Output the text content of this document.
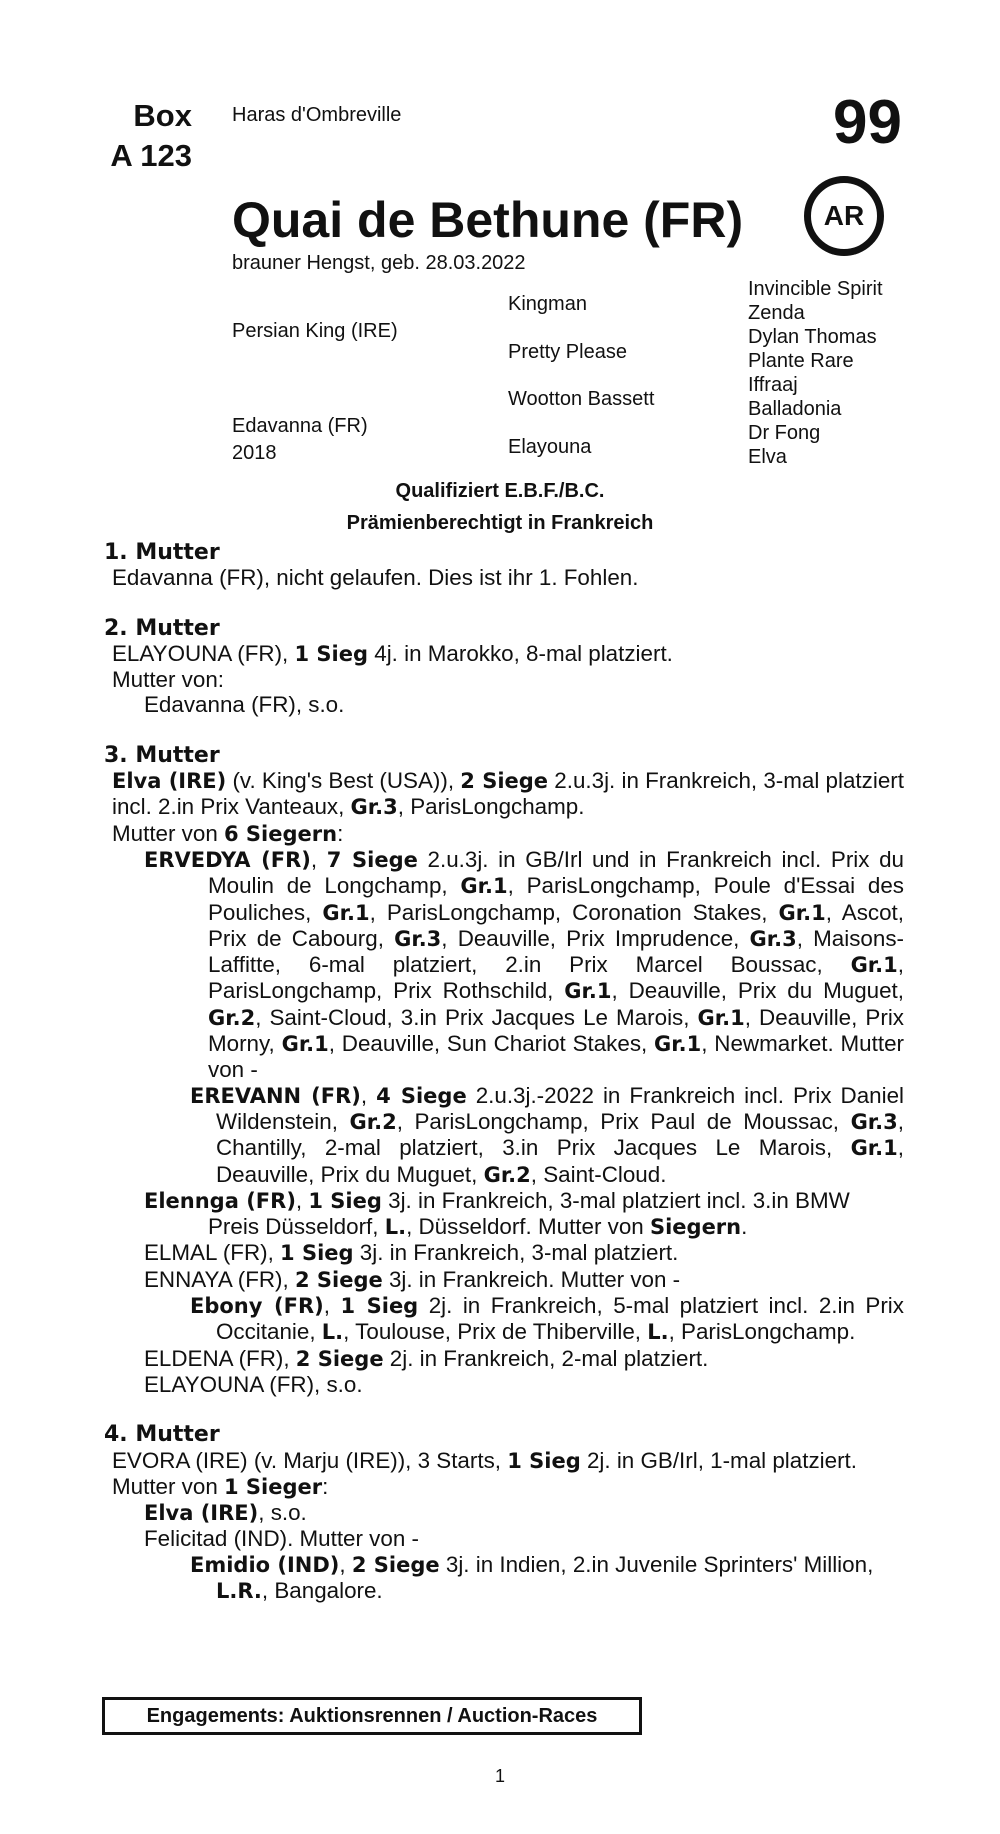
Box
A 123
Haras d'Ombreville	99
Quai de Bethune (FR)	AR
brauner Hengst, geb. 28.03.2022
Persian King (IRE)
Edavanna (FR)
2018
Kingman
Pretty Please
Wootton Bassett
Elayouna
Invincible Spirit
Zenda
Dylan Thomas
Plante Rare
Iffraaj
Balladonia
Dr Fong
Elva
Qualifiziert E.B.F./B.C.
Prämienberechtigt in Frankreich
1. Mutter
Edavanna (FR), nicht gelaufen. Dies ist ihr 1. Fohlen.
2. Mutter
ELAYOUNA (FR), 1 Sieg 4j. in Marokko, 8-mal platziert.
Mutter von:
Edavanna (FR), s.o.
3. Mutter
Elva (IRE) (v. King's Best (USA)), 2 Siege 2.u.3j. in Frankreich, 3-mal platziert incl. 2.in Prix Vanteaux, Gr.3, ParisLongchamp.
Mutter von 6 Siegern:
ERVEDYA (FR), 7 Siege 2.u.3j. in GB/Irl und in Frankreich incl. Prix du Moulin de Longchamp, Gr.1, ParisLongchamp, Poule d'Essai des Pouliches, Gr.1, ParisLongchamp, Coronation Stakes, Gr.1, Ascot, Prix de Cabourg, Gr.3, Deauville, Prix Imprudence, Gr.3, Maisons-Laffitte, 6-mal platziert, 2.in Prix Marcel Boussac, Gr.1, ParisLongchamp, Prix Rothschild, Gr.1, Deauville, Prix du Muguet, Gr.2, Saint-Cloud, 3.in Prix Jacques Le Marois, Gr.1, Deauville, Prix Morny, Gr.1, Deauville, Sun Chariot Stakes, Gr.1, Newmarket. Mutter von -
EREVANN (FR), 4 Siege 2.u.3j.-2022 in Frankreich incl. Prix Daniel Wildenstein, Gr.2, ParisLongchamp, Prix Paul de Moussac, Gr.3, Chantilly, 2-mal platziert, 3.in Prix Jacques Le Marois, Gr.1, Deauville, Prix du Muguet, Gr.2, Saint-Cloud.
Elennga (FR), 1 Sieg 3j. in Frankreich, 3-mal platziert incl. 3.in BMW Preis Düsseldorf, L., Düsseldorf. Mutter von Siegern.
ELMAL (FR), 1 Sieg 3j. in Frankreich, 3-mal platziert.
ENNAYA (FR), 2 Siege 3j. in Frankreich. Mutter von -
Ebony (FR), 1 Sieg 2j. in Frankreich, 5-mal platziert incl. 2.in Prix Occitanie, L., Toulouse, Prix de Thiberville, L., ParisLongchamp.
ELDENA (FR), 2 Siege 2j. in Frankreich, 2-mal platziert.
ELAYOUNA (FR), s.o.
4. Mutter
EVORA (IRE) (v. Marju (IRE)), 3 Starts, 1 Sieg 2j. in GB/Irl, 1-mal platziert.
Mutter von 1 Sieger:
Elva (IRE), s.o.
Felicitad (IND). Mutter von -
Emidio (IND), 2 Siege 3j. in Indien, 2.in Juvenile Sprinters' Million, L.R., Bangalore.
Engagements: Auktionsrennen / Auction-Races
1
